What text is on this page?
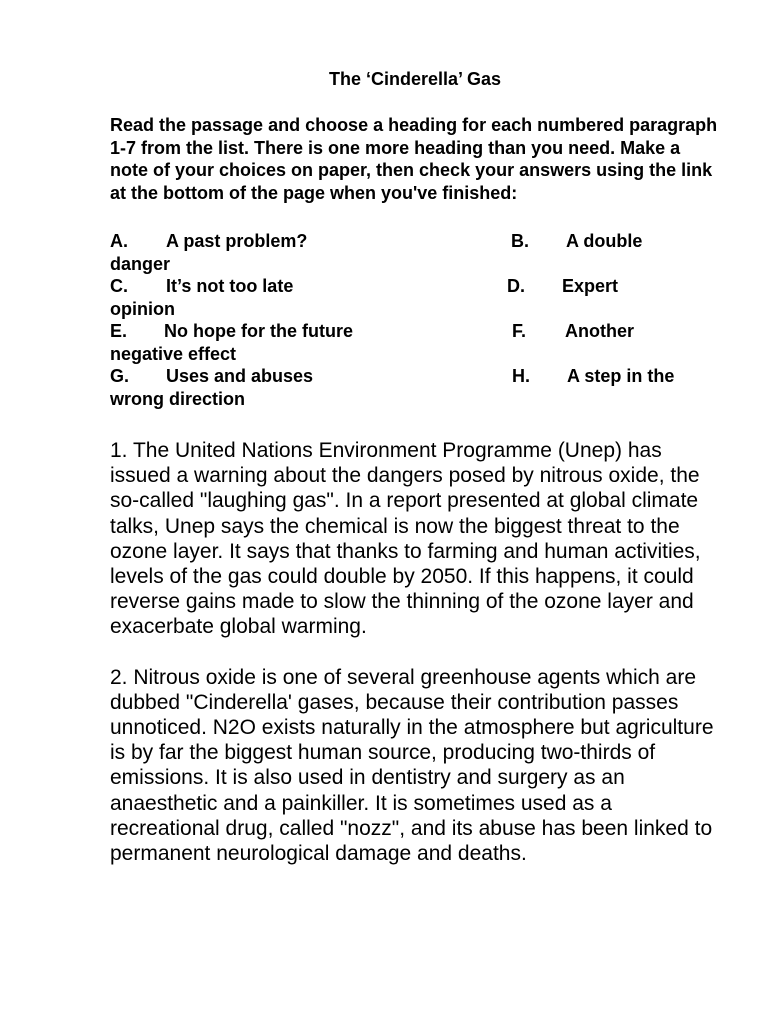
The ‘Cinderella’ Gas
Read the passage and choose a heading for each numbered paragraph 1-7 from the list. There is one more heading than you need. Make a note of your choices on paper, then check your answers using the link at the bottom of the page when you've finished:
A. A past problem?	B. A double
danger
C. It’s not too late	D. Expert
opinion
E. No hope for the future	F. Another
negative effect
G. Uses and abuses	H. A step in the
wrong direction

1. The United Nations Environment Programme (Unep) has issued a warning about the dangers posed by nitrous oxide, the so-called "laughing gas". In a report presented at global climate talks, Unep says the chemical is now the biggest threat to the ozone layer. It says that thanks to farming and human activities, levels of the gas could double by 2050. If this happens, it could reverse gains made to slow the thinning of the ozone layer and exacerbate global warming.

2. Nitrous oxide is one of several greenhouse agents which are dubbed "Cinderella' gases, because their contribution passes unnoticed. N2O exists naturally in the atmosphere but agriculture is by far the biggest human source, producing two-thirds of emissions. It is also used in dentistry and surgery as an anaesthetic and a painkiller. It is sometimes used as a recreational drug, called "nozz", and its abuse has been linked to permanent neurological damage and deaths.
